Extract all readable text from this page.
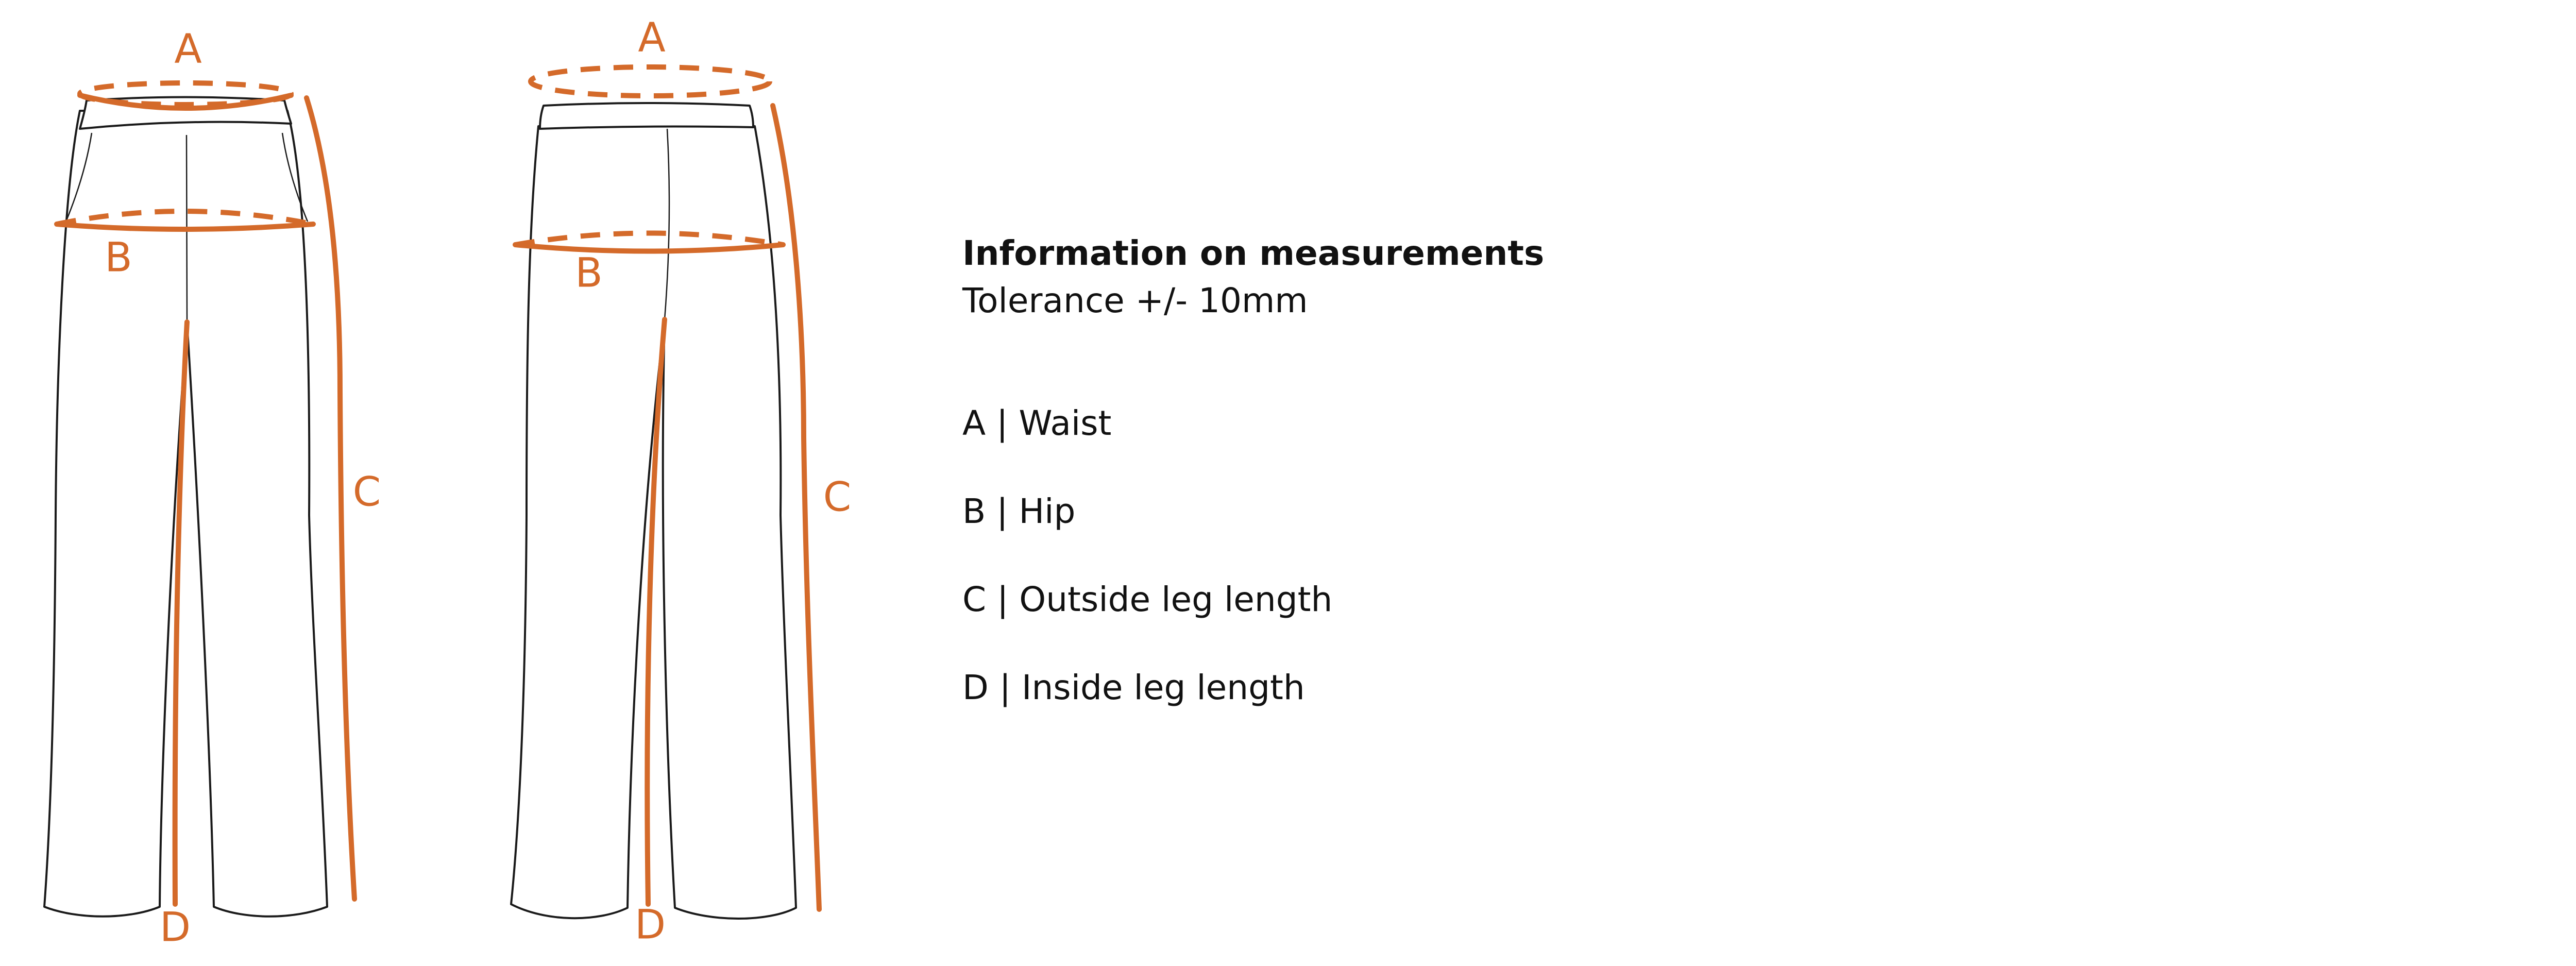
A
B
C
D
A
B
C
D
Information on measurements
Tolerance +/- 10mm
A | Waist
B | Hip
C | Outside leg length
D | Inside leg length
